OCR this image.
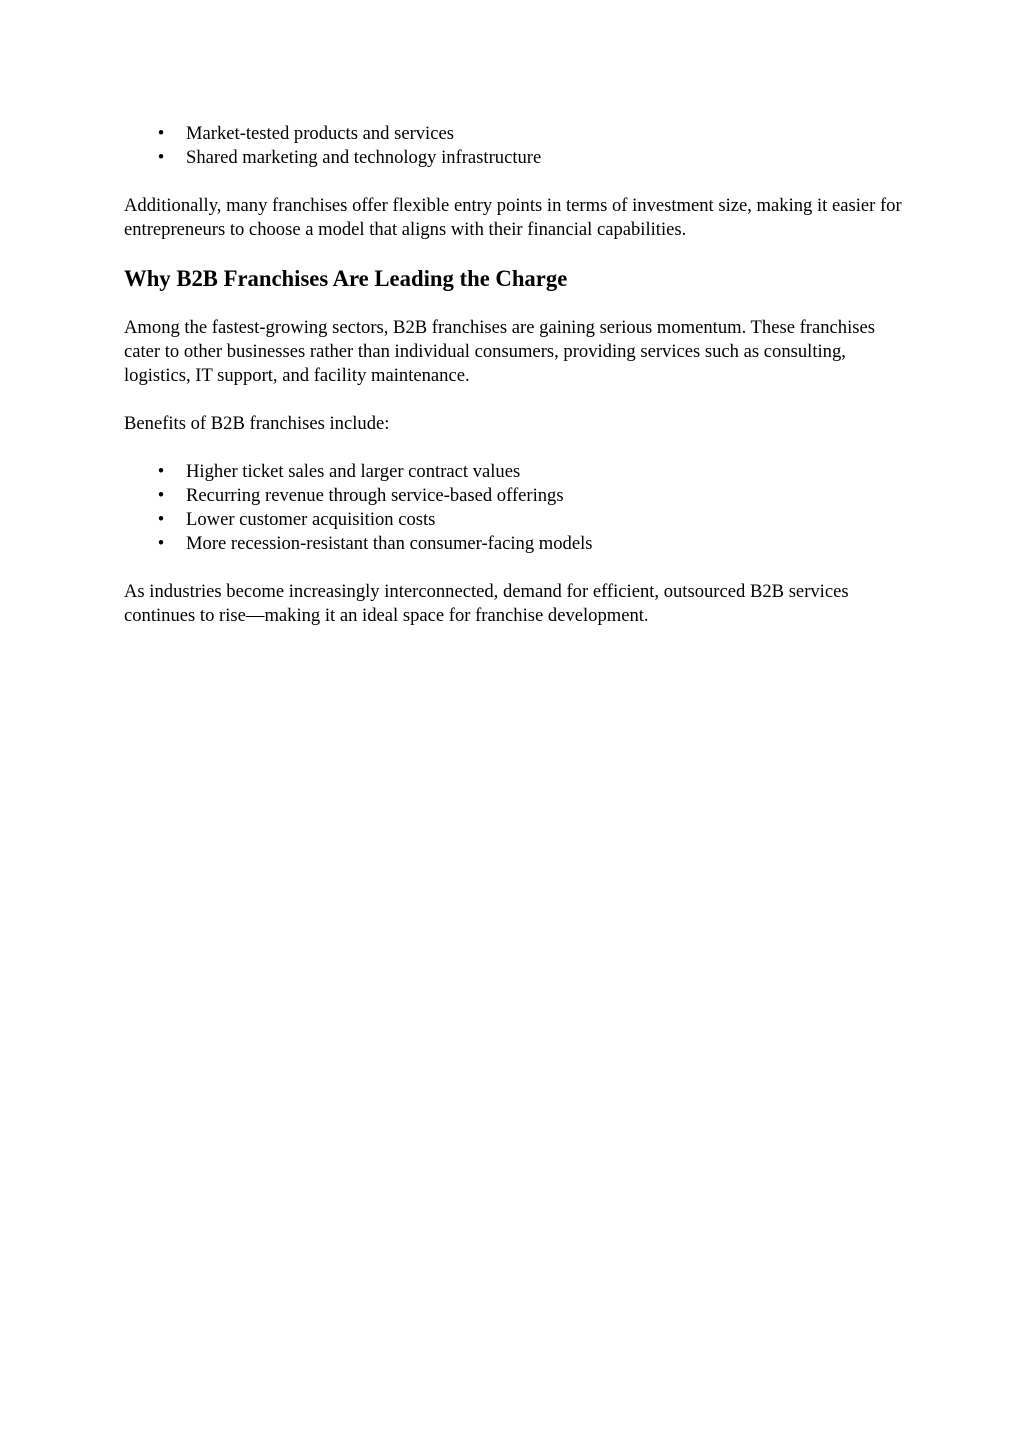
• Market-tested products and services
• Shared marketing and technology infrastructure

Additionally, many franchises offer flexible entry points in terms of investment size, making it easier for entrepreneurs to choose a model that aligns with their financial capabilities.

Why B2B Franchises Are Leading the Charge

Among the fastest-growing sectors, B2B franchises are gaining serious momentum. These franchises cater to other businesses rather than individual consumers, providing services such as consulting, logistics, IT support, and facility maintenance.

Benefits of B2B franchises include:

• Higher ticket sales and larger contract values
• Recurring revenue through service-based offerings
• Lower customer acquisition costs
• More recession-resistant than consumer-facing models

As industries become increasingly interconnected, demand for efficient, outsourced B2B services continues to rise—making it an ideal space for franchise development.
